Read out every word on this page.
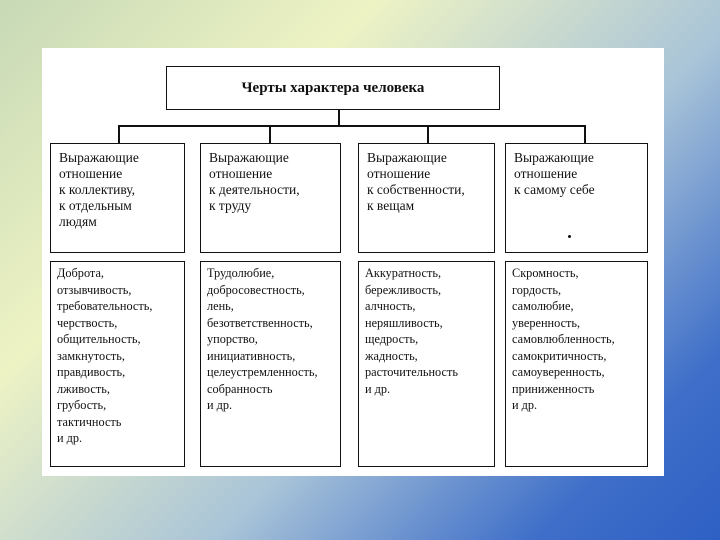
Черты характера человека
Выражающие
отношение
к коллективу,
к отдельным
людям
Выражающие
отношение
к деятельности,
к труду
Выражающие
отношение
к собственности,
к вещам
Выражающие
отношение
к самому себе
Доброта,
отзывчивость,
требовательность,
черствость,
общительность,
замкнутость,
правдивость,
лживость,
грубость,
тактичность
и др.
Трудолюбие,
добросовестность,
лень,
безответственность,
упорство,
инициативность,
целеустремленность,
собранность
и др.
Аккуратность,
бережливость,
алчность,
неряшливость,
щедрость,
жадность,
расточительность
и др.
Скромность,
гордость,
самолюбие,
уверенность,
самовлюбленность,
самокритичность,
самоуверенность,
приниженность
и др.
